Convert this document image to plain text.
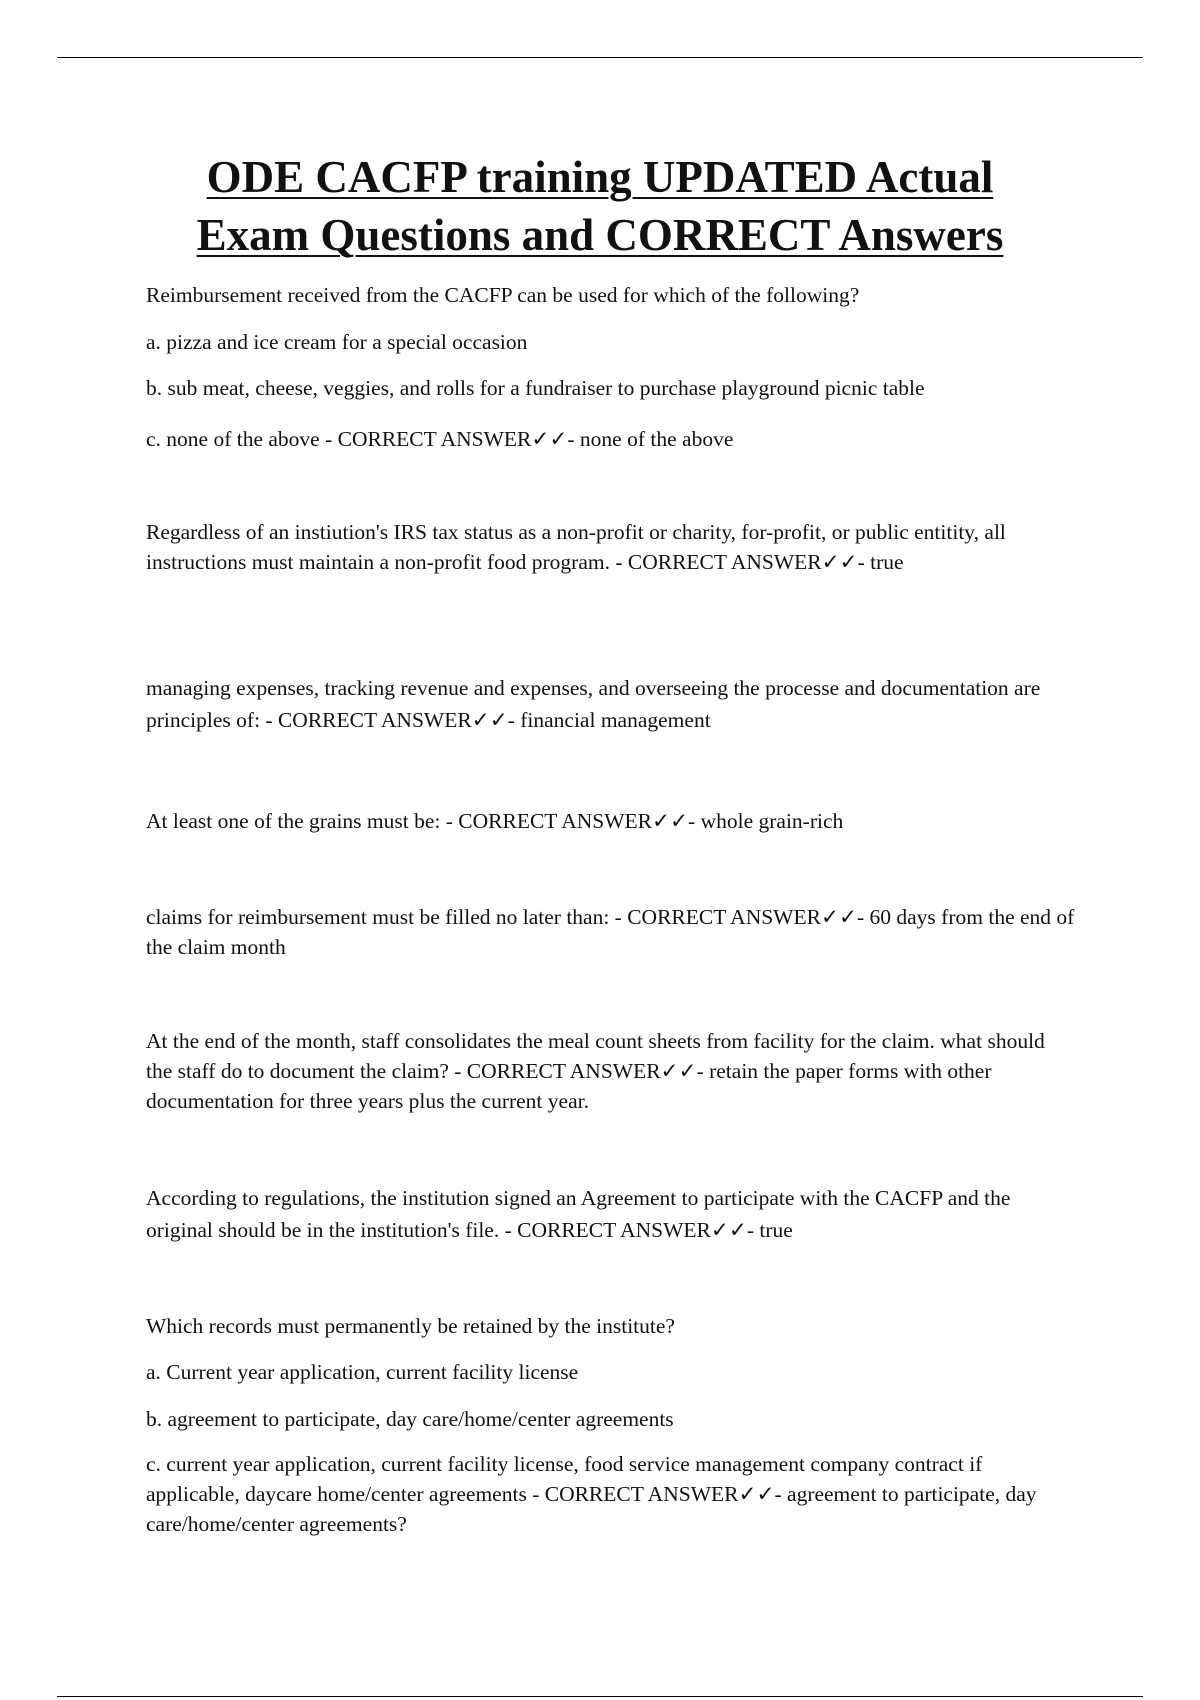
ODE CACFP training UPDATED Actual
Exam Questions and CORRECT Answers

Reimbursement received from the CACFP can be used for which of the following?

a. pizza and ice cream for a special occasion

b. sub meat, cheese, veggies, and rolls for a fundraiser to purchase playground picnic table

c. none of the above - CORRECT ANSWER✓✓- none of the above

Regardless of an instiution's IRS tax status as a non-profit or charity, for-profit, or public entitity, all instructions must maintain a non-profit food program. - CORRECT ANSWER✓✓- true

managing expenses, tracking revenue and expenses, and overseeing the processe and documentation are principles of: - CORRECT ANSWER✓✓- financial management

At least one of the grains must be: - CORRECT ANSWER✓✓- whole grain-rich

claims for reimbursement must be filled no later than: - CORRECT ANSWER✓✓- 60 days from the end of the claim month

At the end of the month, staff consolidates the meal count sheets from facility for the claim. what should the staff do to document the claim? - CORRECT ANSWER✓✓- retain the paper forms with other documentation for three years plus the current year.

According to regulations, the institution signed an Agreement to participate with the CACFP and the original should be in the institution's file. - CORRECT ANSWER✓✓- true

Which records must permanently be retained by the institute?

a. Current year application, current facility license

b. agreement to participate, day care/home/center agreements

c. current year application, current facility license, food service management company contract if applicable, daycare home/center agreements - CORRECT ANSWER✓✓- agreement to participate, day care/home/center agreements?
